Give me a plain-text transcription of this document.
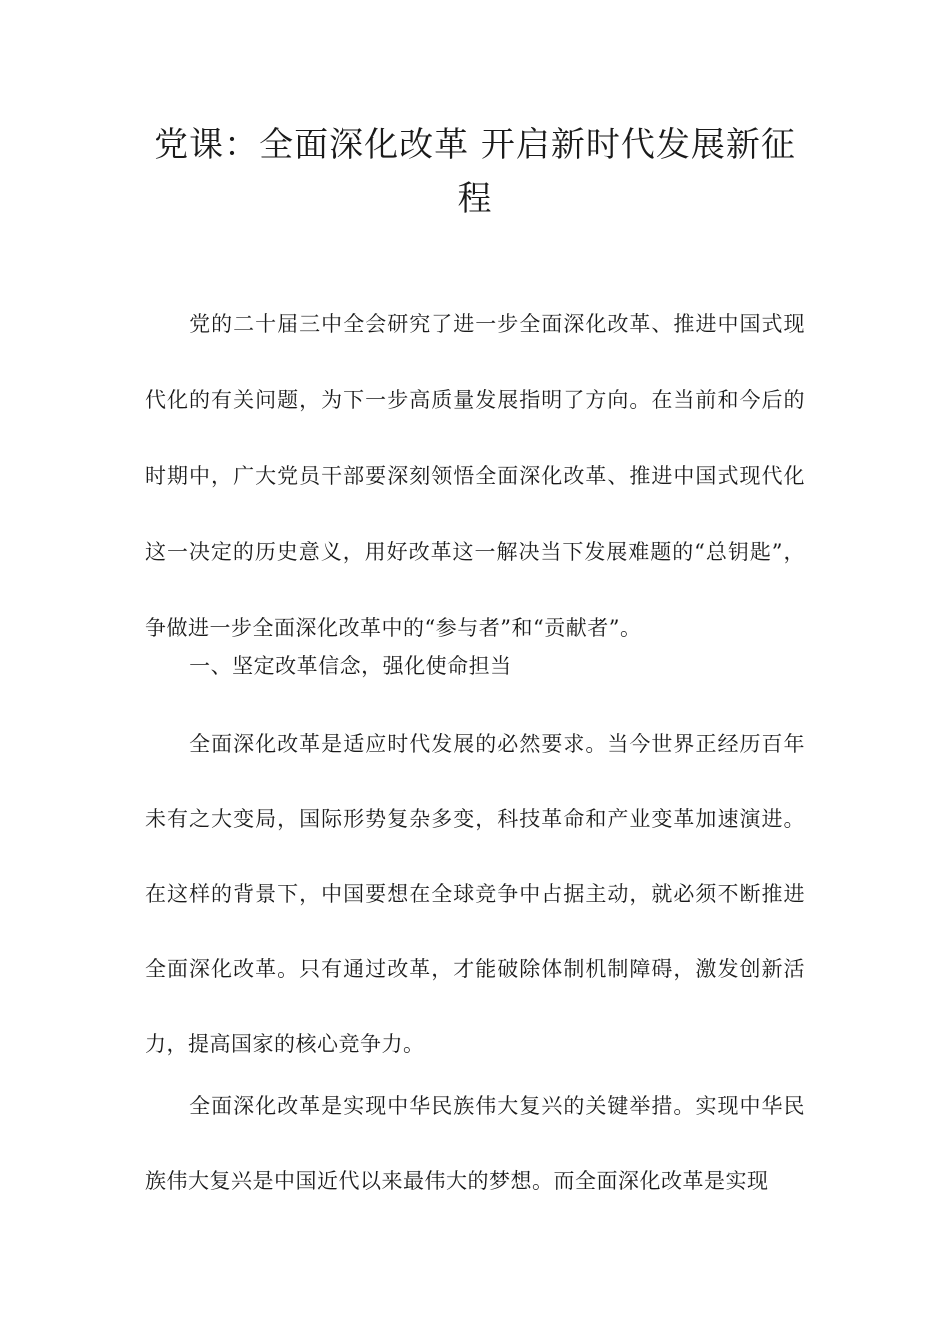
党课：全面深化改革 开启新时代发展新征程

党的二十届三中全会研究了进一步全面深化改革、推进中国式现代化的有关问题，为下一步高质量发展指明了方向。在当前和今后的时期中，广大党员干部要深刻领悟全面深化改革、推进中国式现代化这一决定的历史意义，用好改革这一解决当下发展难题的“总钥匙”，争做进一步全面深化改革中的“参与者”和“贡献者”。

一、坚定改革信念，强化使命担当

全面深化改革是适应时代发展的必然要求。当今世界正经历百年未有之大变局，国际形势复杂多变，科技革命和产业变革加速演进。在这样的背景下，中国要想在全球竞争中占据主动，就必须不断推进全面深化改革。只有通过改革，才能破除体制机制障碍，激发创新活力，提高国家的核心竞争力。

全面深化改革是实现中华民族伟大复兴的关键举措。实现中华民族伟大复兴是中国近代以来最伟大的梦想。而全面深化改革是实现
